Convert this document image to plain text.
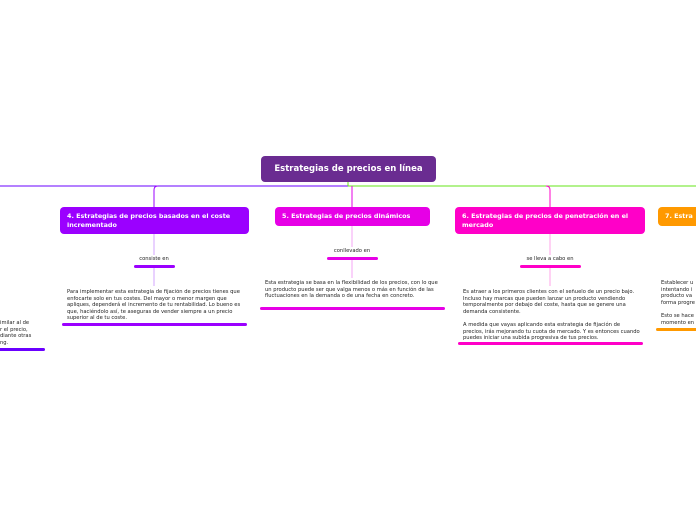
Estrategias de precios en línea
4. Estrategias de precios basados en el coste incrementado
consiste en
Para implementar esta estrategia de fijación de precios tienes que enfocarte solo en tus costes. Del mayor o menor margen que apliques, dependerá el incremento de tu rentabilidad. Lo bueno es que, haciéndolo así, te aseguras de vender siempre a un precio superior al de tu coste.
5. Estrategias de precios dinámicos
conllevado en
Esta estrategia se basa en la flexibilidad de los precios, con lo que un producto puede ser que valga menos o más en función de las fluctuaciones en la demanda o de una fecha en concreto.
6. Estrategias de precios de penetración en el mercado
se lleva a cabo en
Es atraer a los primeros clientes con el señuelo de un precio bajo. Incluso hay marcas que pueden lanzar un producto vendiendo temporalmente por debajo del coste, hasta que se genere una demanda consistente.

A medida que vayas aplicando esta estrategia de fijación de precios, irás mejorando tu cuota de mercado. Y es entonces cuando puedes iniciar una subida progresiva de tus precios.
7. Estra
Establecer u
intentando i
producto va
forma progre

Esto se hace
momento en
imilar al de
r el precio,
diante otras
ng.
